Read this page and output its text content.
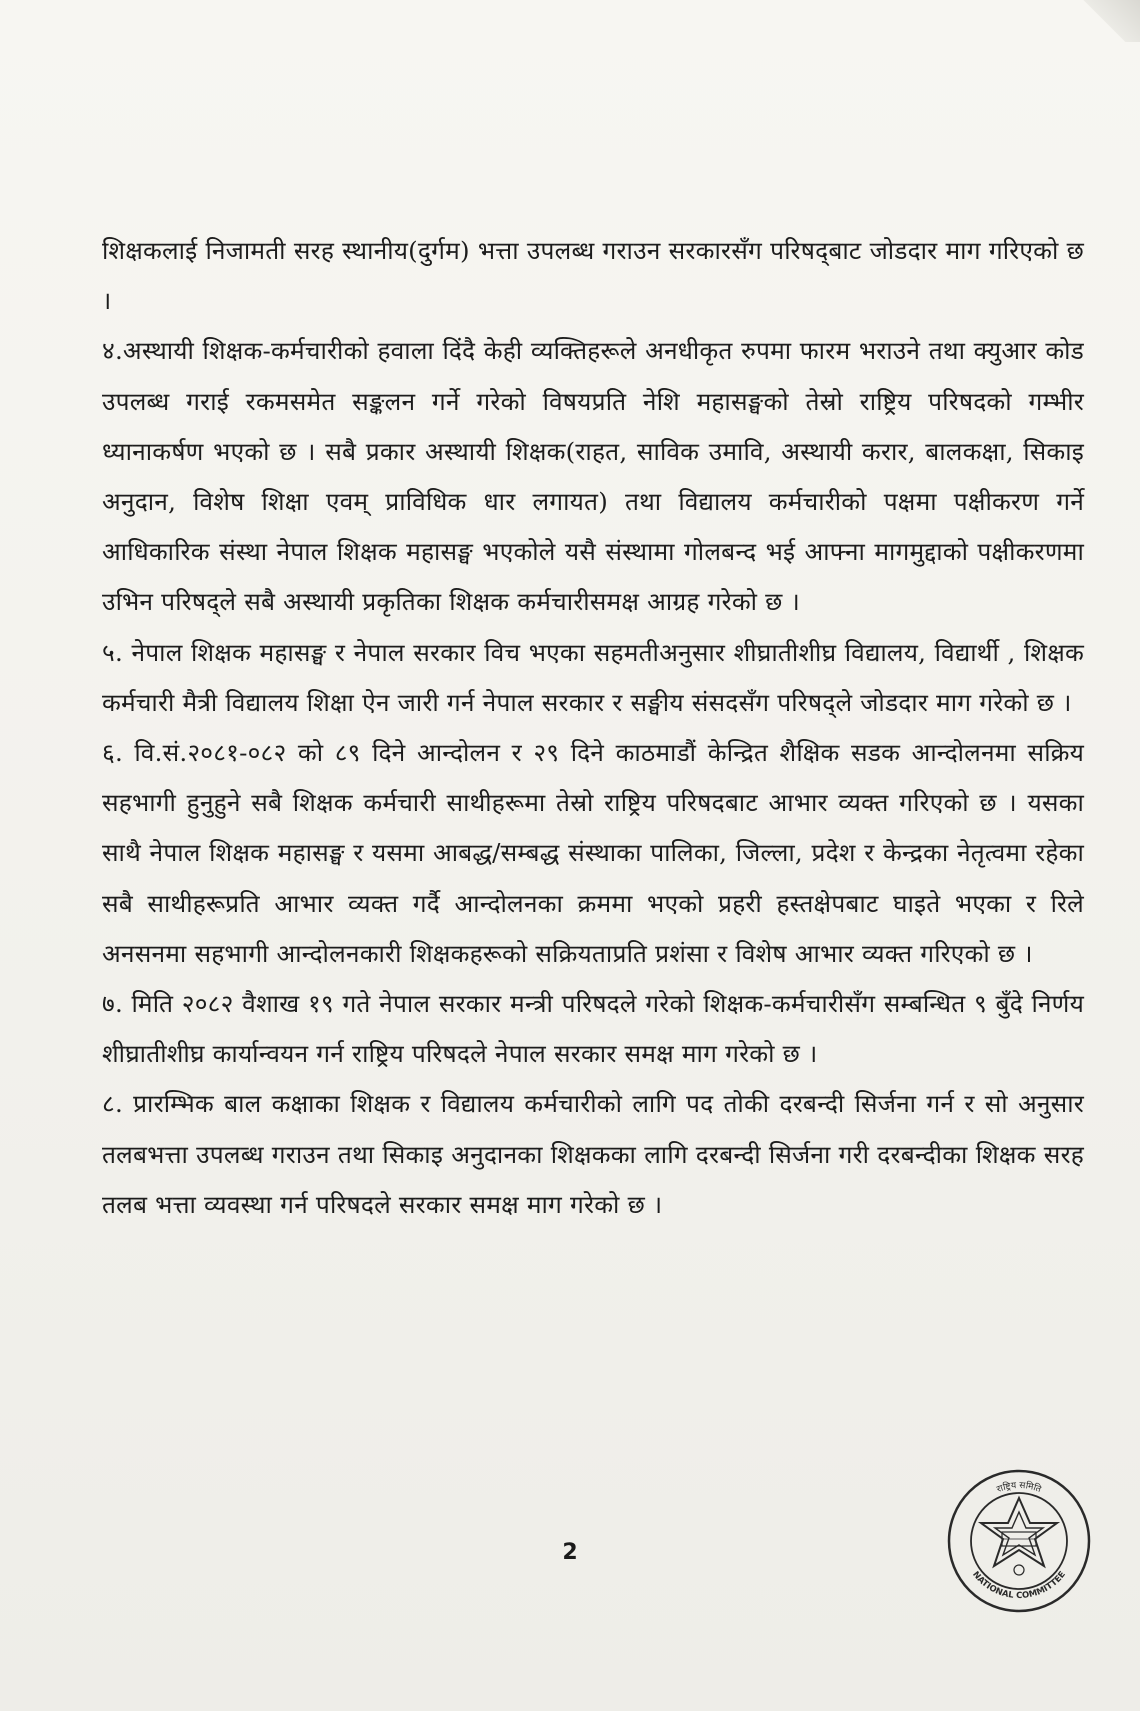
शिक्षकलाई निजामती सरह स्थानीय(दुर्गम) भत्ता उपलब्ध गराउन सरकारसँग परिषद्‌बाट जोडदार माग गरिएको छ ।

४.अस्थायी शिक्षक-कर्मचारीको हवाला दिंदै केही व्यक्तिहरूले अनधीकृत रुपमा फारम भराउने तथा क्युआर कोड उपलब्ध गराई रकमसमेत सङ्कलन गर्ने गरेको विषयप्रति नेशि महासङ्घको तेस्रो राष्ट्रिय परिषदको गम्भीर ध्यानाकर्षण भएको छ । सबै प्रकार अस्थायी शिक्षक(राहत, साविक उमावि, अस्थायी करार, बालकक्षा, सिकाइ अनुदान, विशेष शिक्षा एवम्‌ प्राविधिक धार लगायत) तथा विद्यालय कर्मचारीको पक्षमा पक्षीकरण गर्ने आधिकारिक संस्था नेपाल शिक्षक महासङ्घ भएकोले यसै संस्थामा गोलबन्द भई आफ्ना मागमुद्दाको पक्षीकरणमा उभिन परिषद्‌ले सबै अस्थायी प्रकृतिका शिक्षक कर्मचारीसमक्ष आग्रह गरेको छ ।

५. नेपाल शिक्षक महासङ्घ र नेपाल सरकार विच भएका सहमतीअनुसार शीघ्रातीशीघ्र विद्यालय, विद्यार्थी , शिक्षक कर्मचारी मैत्री विद्यालय शिक्षा ऐन जारी गर्न नेपाल सरकार र सङ्घीय संसदसँग परिषद्‌ले जोडदार माग गरेको छ ।

६. वि.सं.२०८१-०८२ को ८९ दिने आन्दोलन र २९ दिने काठमाडौं केन्द्रित शैक्षिक सडक आन्दोलनमा सक्रिय सहभागी हुनुहुने सबै शिक्षक कर्मचारी साथीहरूमा तेस्रो राष्ट्रिय परिषदबाट आभार व्यक्त गरिएको छ । यसका साथै नेपाल शिक्षक महासङ्घ र यसमा आबद्ध/सम्बद्ध संस्थाका पालिका, जिल्ला, प्रदेश र केन्द्रका नेतृत्वमा रहेका सबै साथीहरूप्रति आभार व्यक्त गर्दै आन्दोलनका क्रममा भएको प्रहरी हस्तक्षेपबाट घाइते भएका र रिले अनसनमा सहभागी आन्दोलनकारी शिक्षकहरूको सक्रियताप्रति प्रशंसा र विशेष आभार व्यक्त गरिएको छ ।

७. मिति २०८२ वैशाख १९ गते नेपाल सरकार मन्त्री परिषदले गरेको शिक्षक-कर्मचारीसँग सम्बन्धित ९ बुँदे निर्णय शीघ्रातीशीघ्र कार्यान्वयन गर्न राष्ट्रिय परिषदले नेपाल सरकार समक्ष माग गरेको छ ।

८. प्रारम्भिक बाल कक्षाका शिक्षक र विद्यालय कर्मचारीको लागि पद तोकी दरबन्दी सिर्जना गर्न र सो अनुसार तलबभत्ता उपलब्ध गराउन तथा सिकाइ अनुदानका शिक्षकका लागि दरबन्दी सिर्जना गरी दरबन्दीका शिक्षक सरह तलब भत्ता व्यवस्था गर्न परिषदले सरकार समक्ष माग गरेको छ ।

2
राष्ट्रिय समिति
NATIONAL COMMITTEE
